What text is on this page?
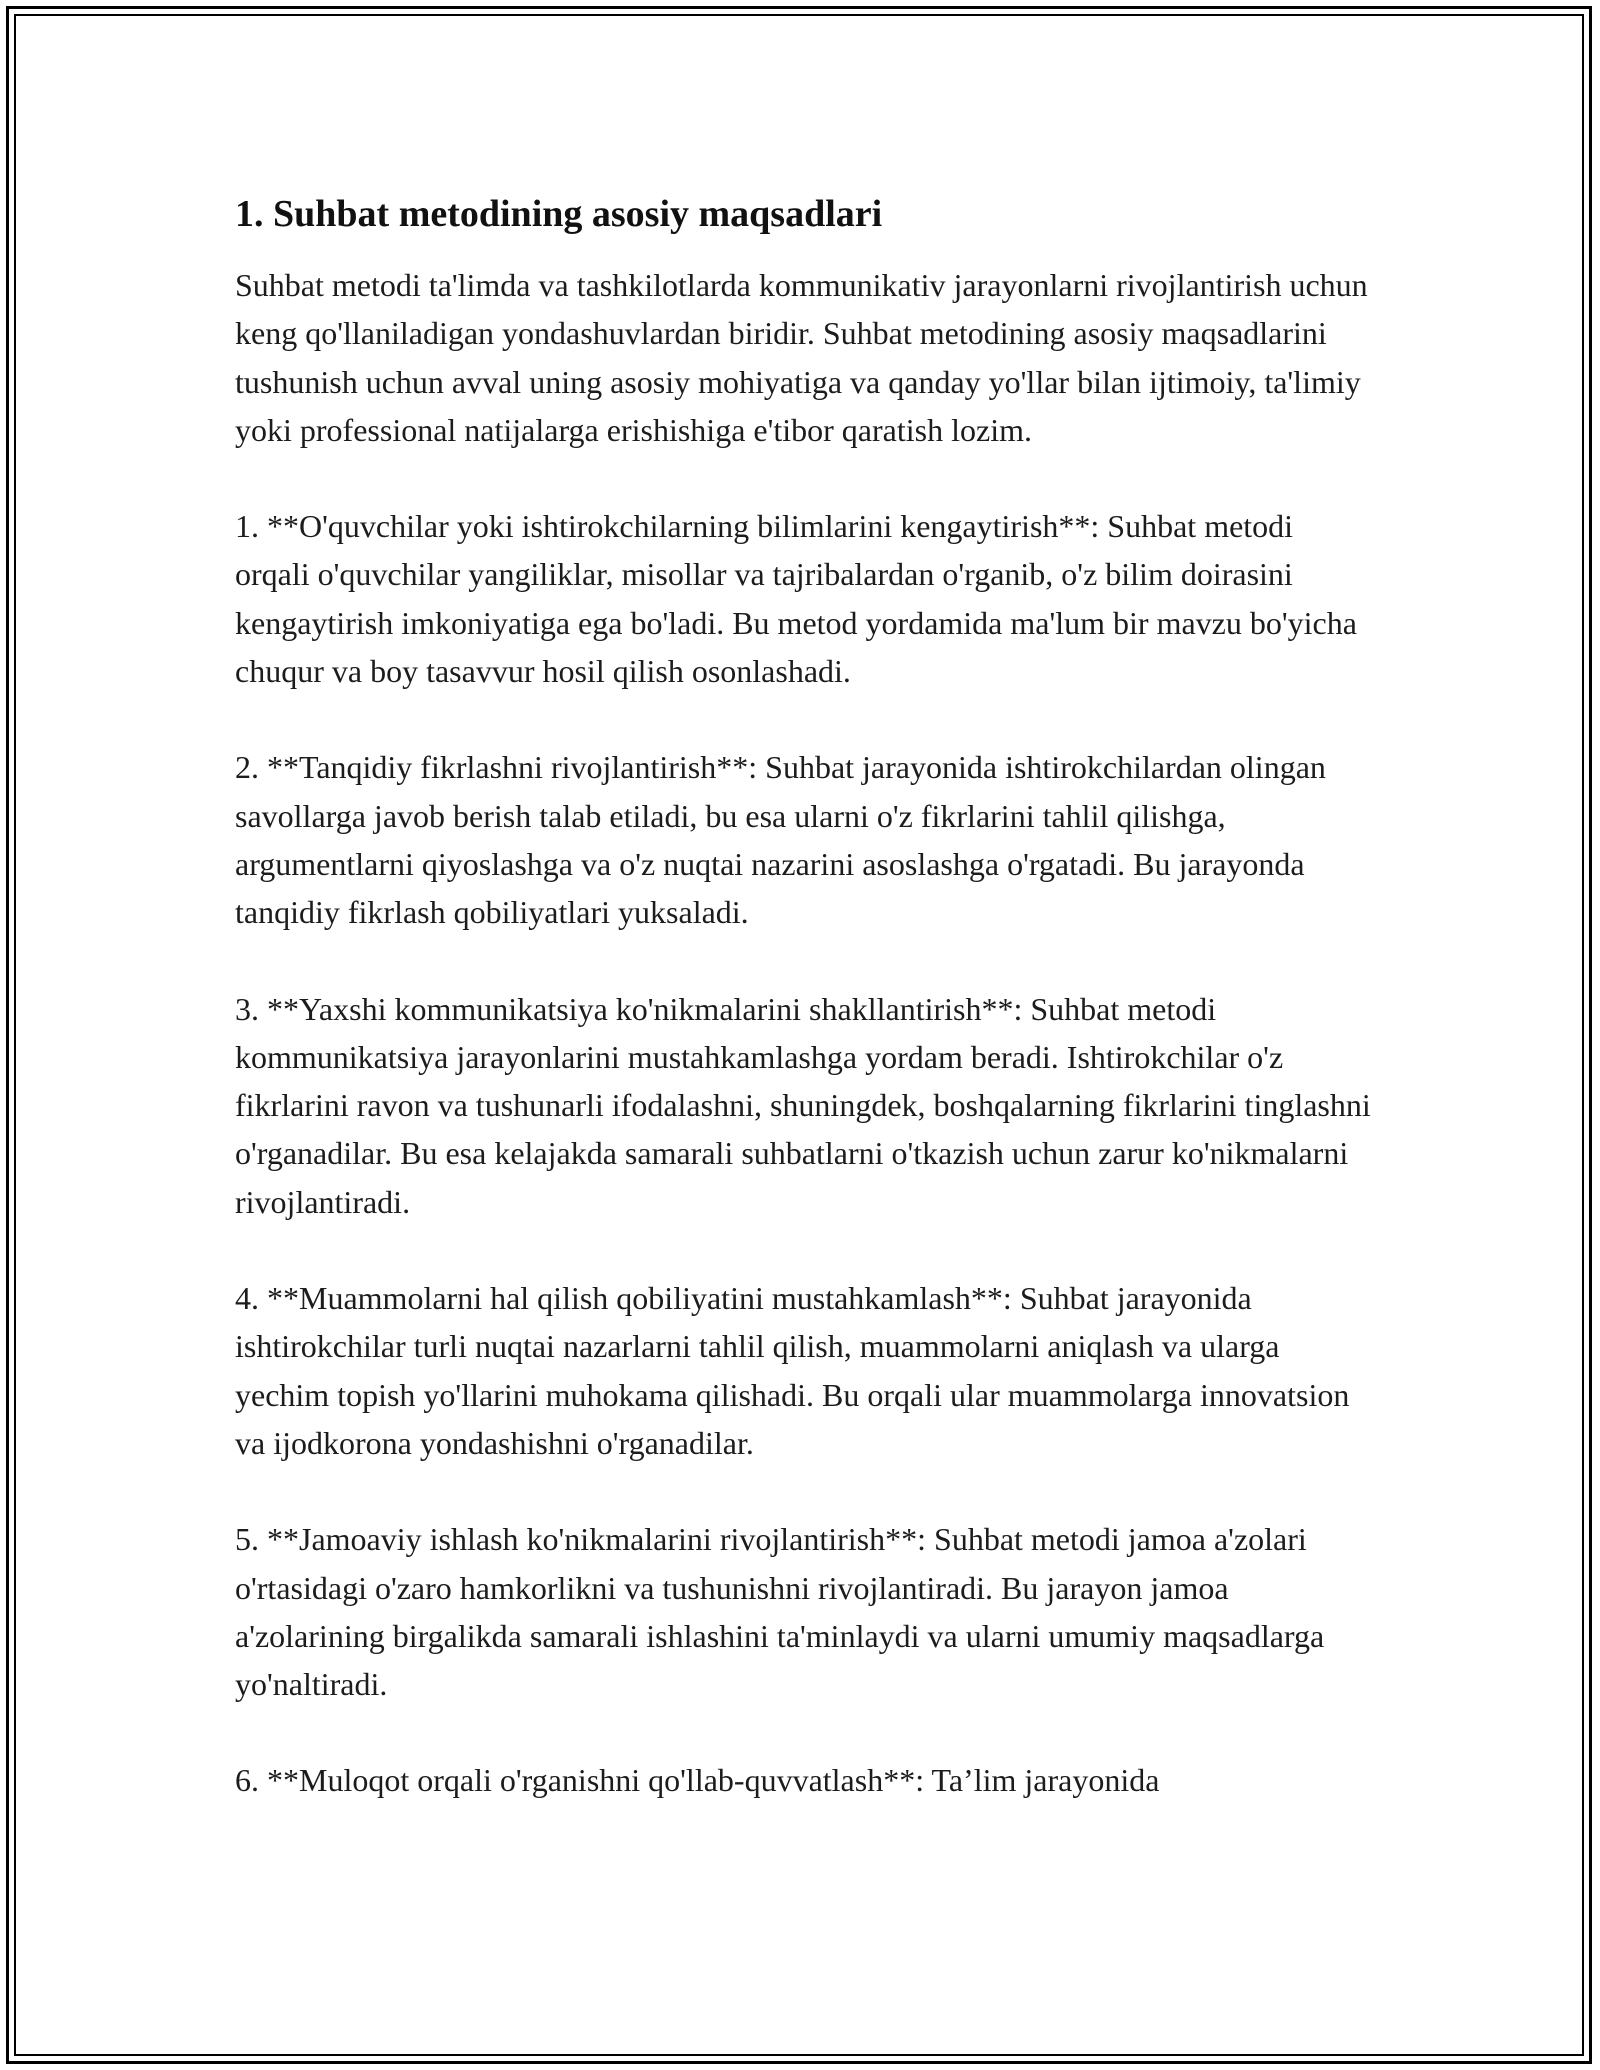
1. Suhbat metodining asosiy maqsadlari

Suhbat metodi ta'limda va tashkilotlarda kommunikativ jarayonlarni rivojlantirish uchun keng qo'llaniladigan yondashuvlardan biridir. Suhbat metodining asosiy maqsadlarini tushunish uchun avval uning asosiy mohiyatiga va qanday yo'llar bilan ijtimoiy, ta'limiy yoki professional natijalarga erishishiga e'tibor qaratish lozim.

1. **O'quvchilar yoki ishtirokchilarning bilimlarini kengaytirish**: Suhbat metodi orqali o'quvchilar yangiliklar, misollar va tajribalardan o'rganib, o'z bilim doirasini kengaytirish imkoniyatiga ega bo'ladi. Bu metod yordamida ma'lum bir mavzu bo'yicha chuqur va boy tasavvur hosil qilish osonlashadi.

2. **Tanqidiy fikrlashni rivojlantirish**: Suhbat jarayonida ishtirokchilardan olingan savollarga javob berish talab etiladi, bu esa ularni o'z fikrlarini tahlil qilishga, argumentlarni qiyoslashga va o'z nuqtai nazarini asoslashga o'rgatadi. Bu jarayonda tanqidiy fikrlash qobiliyatlari yuksaladi.

3. **Yaxshi kommunikatsiya ko'nikmalarini shakllantirish**: Suhbat metodi kommunikatsiya jarayonlarini mustahkamlashga yordam beradi. Ishtirokchilar o'z fikrlarini ravon va tushunarli ifodalashni, shuningdek, boshqalarning fikrlarini tinglashni o'rganadilar. Bu esa kelajakda samarali suhbatlarni o'tkazish uchun zarur ko'nikmalarni rivojlantiradi.

4. **Muammolarni hal qilish qobiliyatini mustahkamlash**: Suhbat jarayonida ishtirokchilar turli nuqtai nazarlarni tahlil qilish, muammolarni aniqlash va ularga yechim topish yo'llarini muhokama qilishadi. Bu orqali ular muammolarga innovatsion va ijodkorona yondashishni o'rganadilar.

5. **Jamoaviy ishlash ko'nikmalarini rivojlantirish**: Suhbat metodi jamoa a'zolari o'rtasidagi o'zaro hamkorlikni va tushunishni rivojlantiradi. Bu jarayon jamoa a'zolarining birgalikda samarali ishlashini ta'minlaydi va ularni umumiy maqsadlarga yo'naltiradi.

6. **Muloqot orqali o'rganishni qo'llab-quvvatlash**: Ta’lim jarayonida
